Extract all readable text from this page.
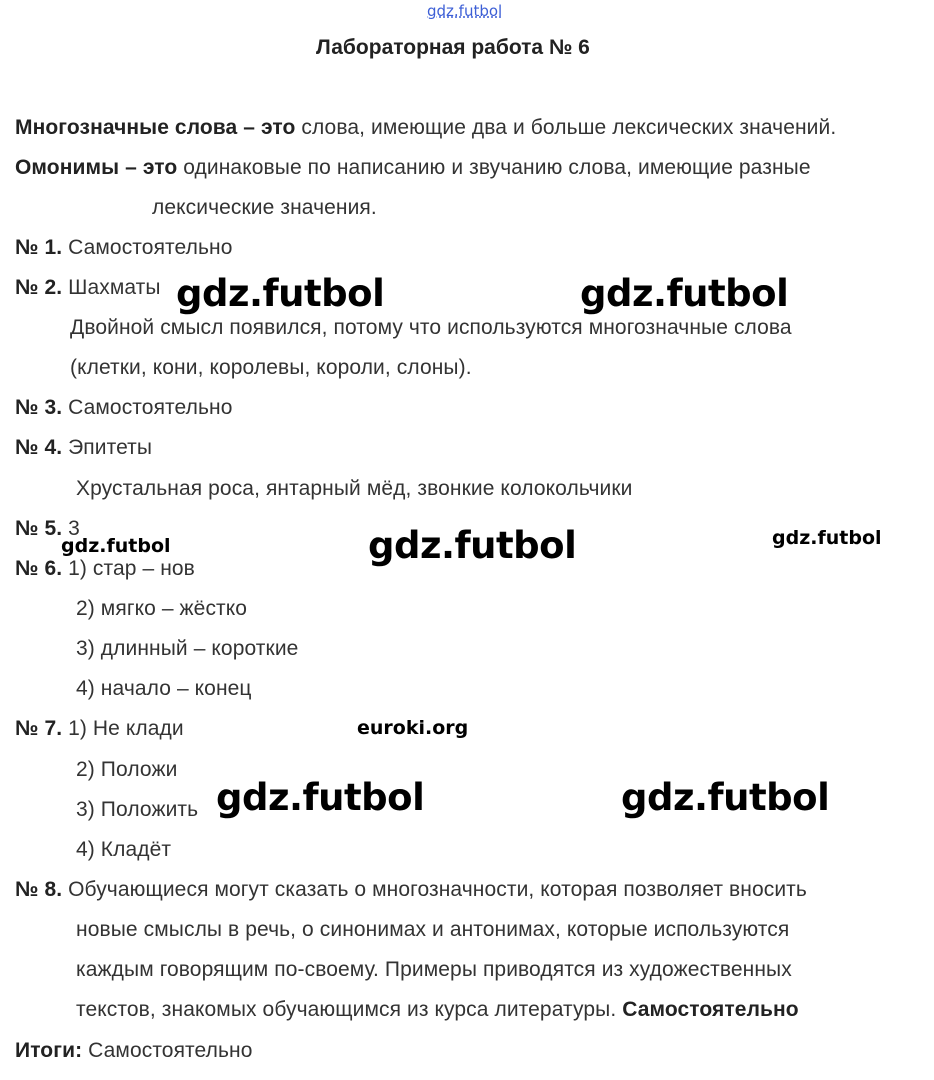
gdz.futbol
Лабораторная работа № 6
Многозначные слова – это слова, имеющие два и больше лексических значений.
Омонимы – это одинаковые по написанию и звучанию слова, имеющие разные
лексические значения.
№ 1. Самостоятельно
№ 2. Шахматы
Двойной смысл появился, потому что используются многозначные слова
(клетки, кони, королевы, короли, слоны).
№ 3. Самостоятельно
№ 4. Эпитеты
Хрустальная роса, янтарный мёд, звонкие колокольчики
№ 5. 3
№ 6. 1) стар – нов
2) мягко – жёстко
3) длинный – короткие
4) начало – конец
№ 7. 1) Не клади
2) Положи
3) Положить
4) Кладёт
№ 8. Обучающиеся могут сказать о многозначности, которая позволяет вносить
новые смыслы в речь, о синонимах и антонимах, которые используются
каждым говорящим по-своему. Примеры приводятся из художественных
текстов, знакомых обучающимся из курса литературы. Самостоятельно
Итоги: Самостоятельно
gdz.futbol	gdz.futbol
gdz.futbol	gdz.futbol	gdz.futbol
euroki.org
gdz.futbol	gdz.futbol
